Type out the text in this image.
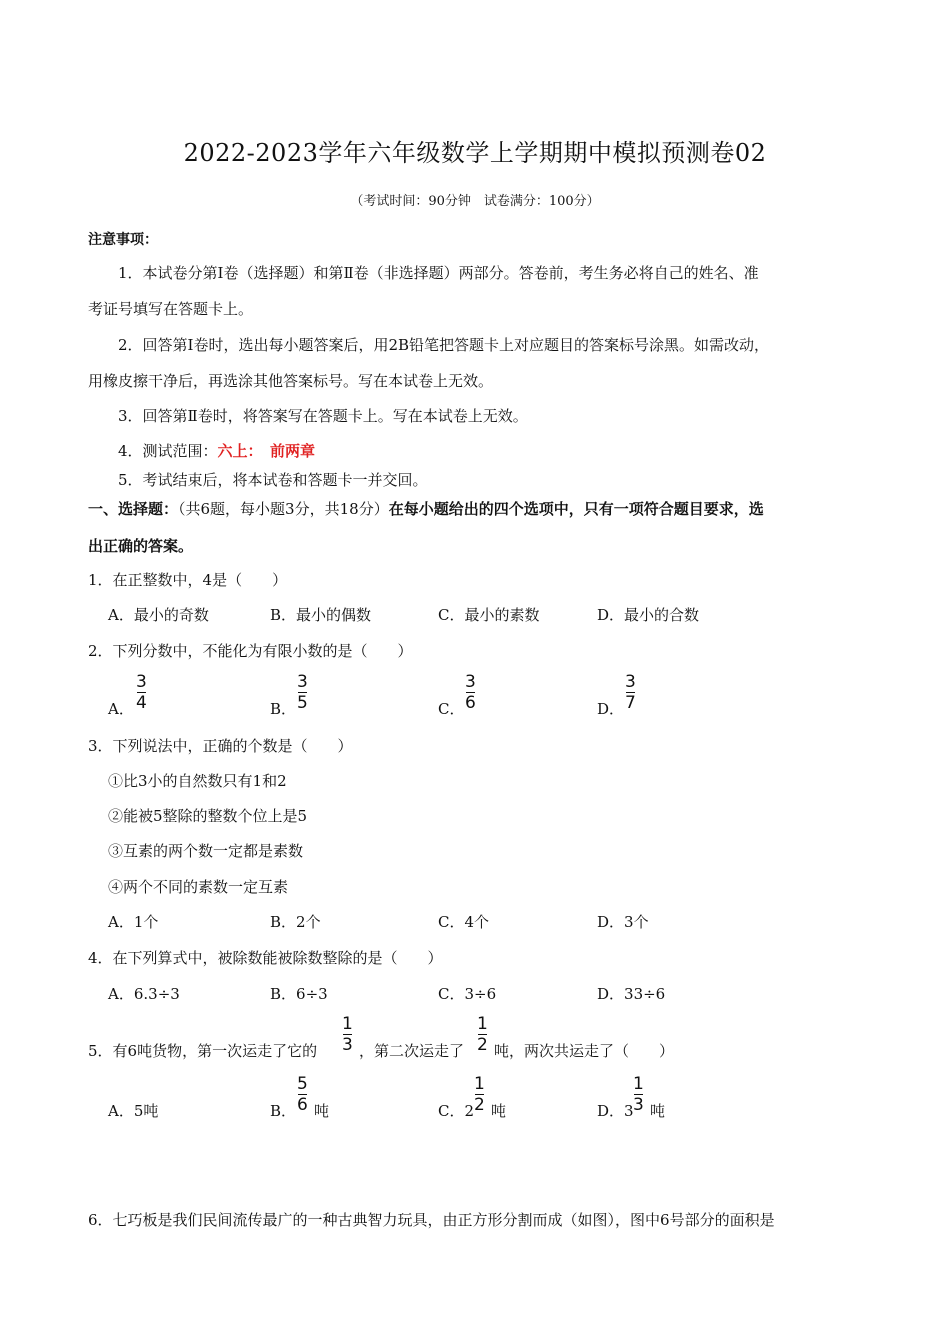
2022-2023学年六年级数学上学期期中模拟预测卷02
（考试时间：90分钟　试卷满分：100分）
注意事项：
1．本试卷分第Ⅰ卷（选择题）和第Ⅱ卷（非选择题）两部分。答卷前，考生务必将自己的姓名、准
考证号填写在答题卡上。
2．回答第Ⅰ卷时，选出每小题答案后，用2B铅笔把答题卡上对应题目的答案标号涂黑。如需改动，
用橡皮擦干净后，再选涂其他答案标号。写在本试卷上无效。
3．回答第Ⅱ卷时，将答案写在答题卡上。写在本试卷上无效。
4．测试范围：六上：　前两章
5．考试结束后，将本试卷和答题卡一并交回。
一、选择题：（共6题，每小题3分，共18分）在每小题给出的四个选项中，只有一项符合题目要求，选
出正确的答案。
1．在正整数中，4是（　　）
A．最小的奇数	B．最小的偶数	C．最小的素数	D．最小的合数
2．下列分数中，不能化为有限小数的是（　　）
A．
3
4	B．
3
5	C．
3
6	D．
3
7
3．下列说法中，正确的个数是（　　）
①比3小的自然数只有1和2
②能被5整除的整数个位上是5
③互素的两个数一定都是素数
④两个不同的素数一定互素
A．1个	B．2个	C．4个	D．3个
4．在下列算式中，被除数能被除数整除的是（　　）
A．6.3÷3	B．6÷3	C．3÷6	D．33÷6
5．有6吨货物，第一次运走了它的
1
3 ，第二次运走了
1
2 吨，两次共运走了（　　）
A．5吨	B．
5
6 吨	C．2
1
2 吨	D．3
1
3 吨
6．七巧板是我们民间流传最广的一种古典智力玩具，由正方形分割而成（如图），图中6号部分的面积是
